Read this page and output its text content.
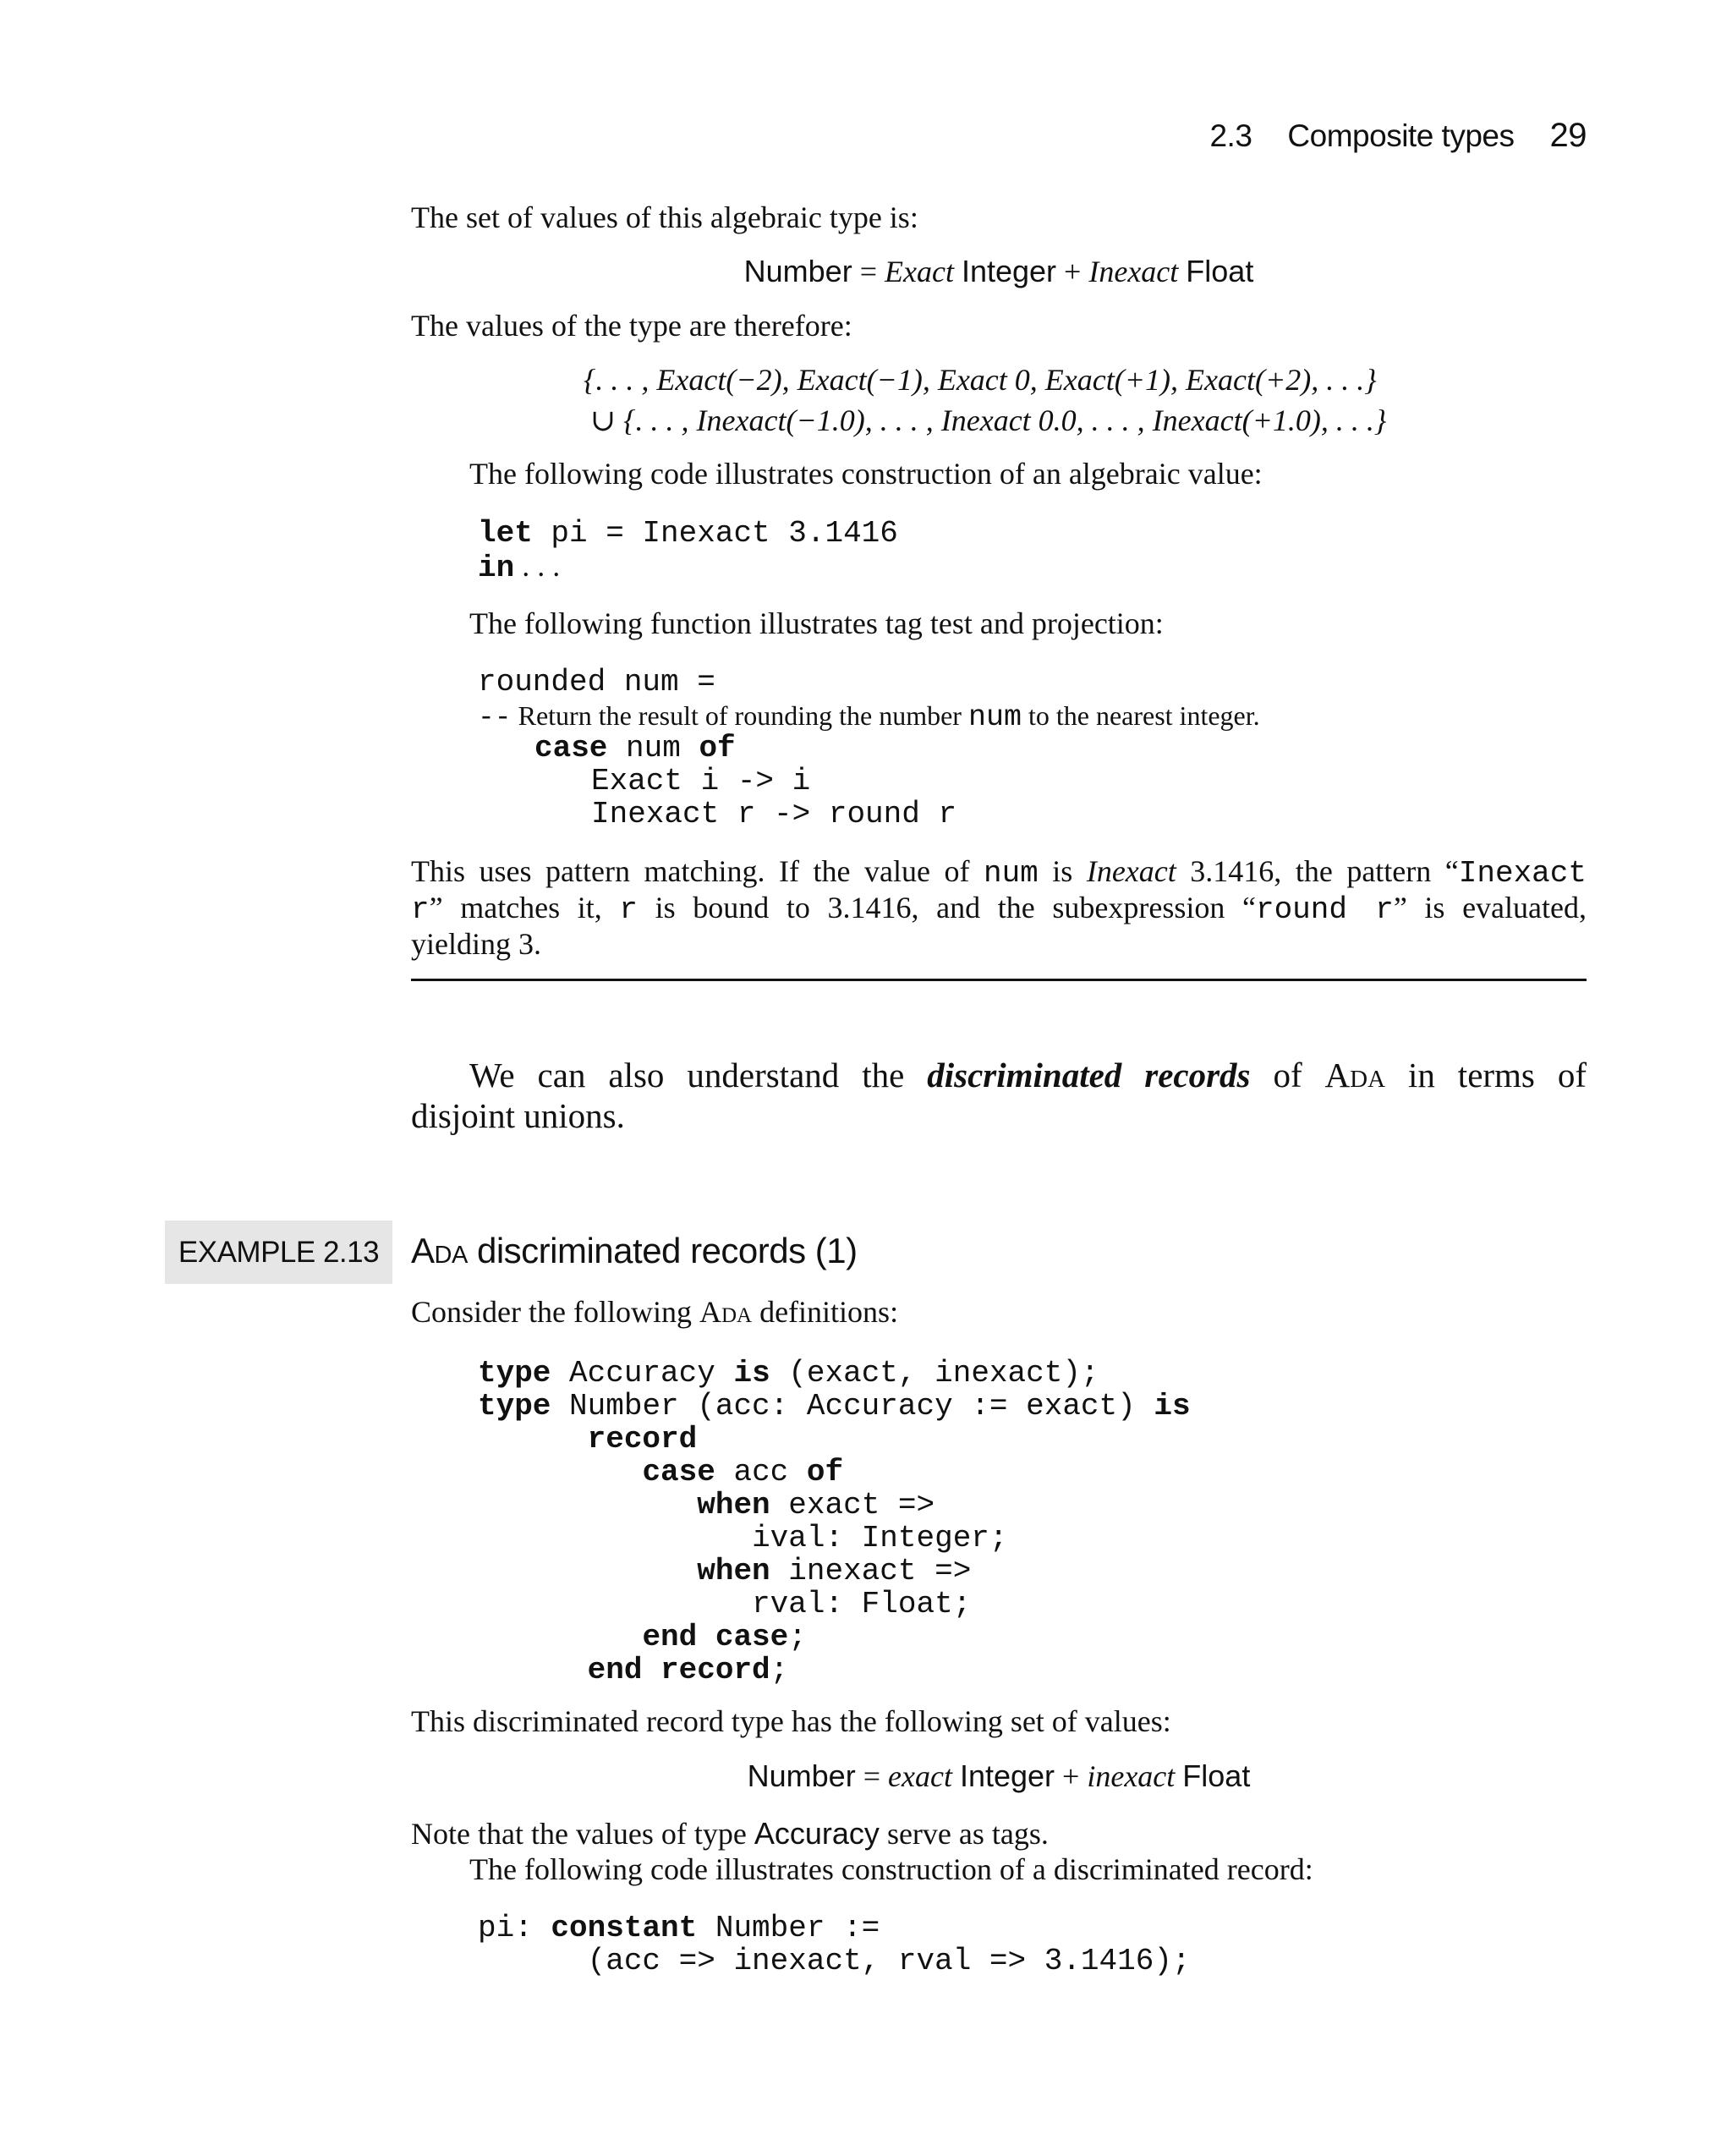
2.3 Composite types 29
The set of values of this algebraic type is:
Number = Exact Integer + Inexact Float
The values of the type are therefore:
{. . . , Exact(−2), Exact(−1), Exact 0, Exact(+1), Exact(+2), . . .}
∪ {. . . , Inexact(−1.0), . . . , Inexact 0.0, . . . , Inexact(+1.0), . . .}
The following code illustrates construction of an algebraic value:
let pi = Inexact 3.1416
in . . .
The following function illustrates tag test and projection:
rounded num =
-- Return the result of rounding the number num to the nearest integer.
case num of
Exact i -> i
Inexact r -> round r
This uses pattern matching. If the value of num is Inexact 3.1416, the pattern “Inexact
r” matches it, r is bound to 3.1416, and the subexpression “round r” is evaluated,
yielding 3.
We can also understand the discriminated records of Ada in terms of
disjoint unions.
EXAMPLE 2.13 Ada discriminated records (1)
Consider the following Ada definitions:
type Accuracy is (exact, inexact);
type Number (acc: Accuracy := exact) is
record
case acc of
when exact =>
ival: Integer;
when inexact =>
rval: Float;
end case;
end record;
This discriminated record type has the following set of values:
Number = exact Integer + inexact Float
Note that the values of type Accuracy serve as tags.
The following code illustrates construction of a discriminated record:
pi: constant Number :=
(acc => inexact, rval => 3.1416);
